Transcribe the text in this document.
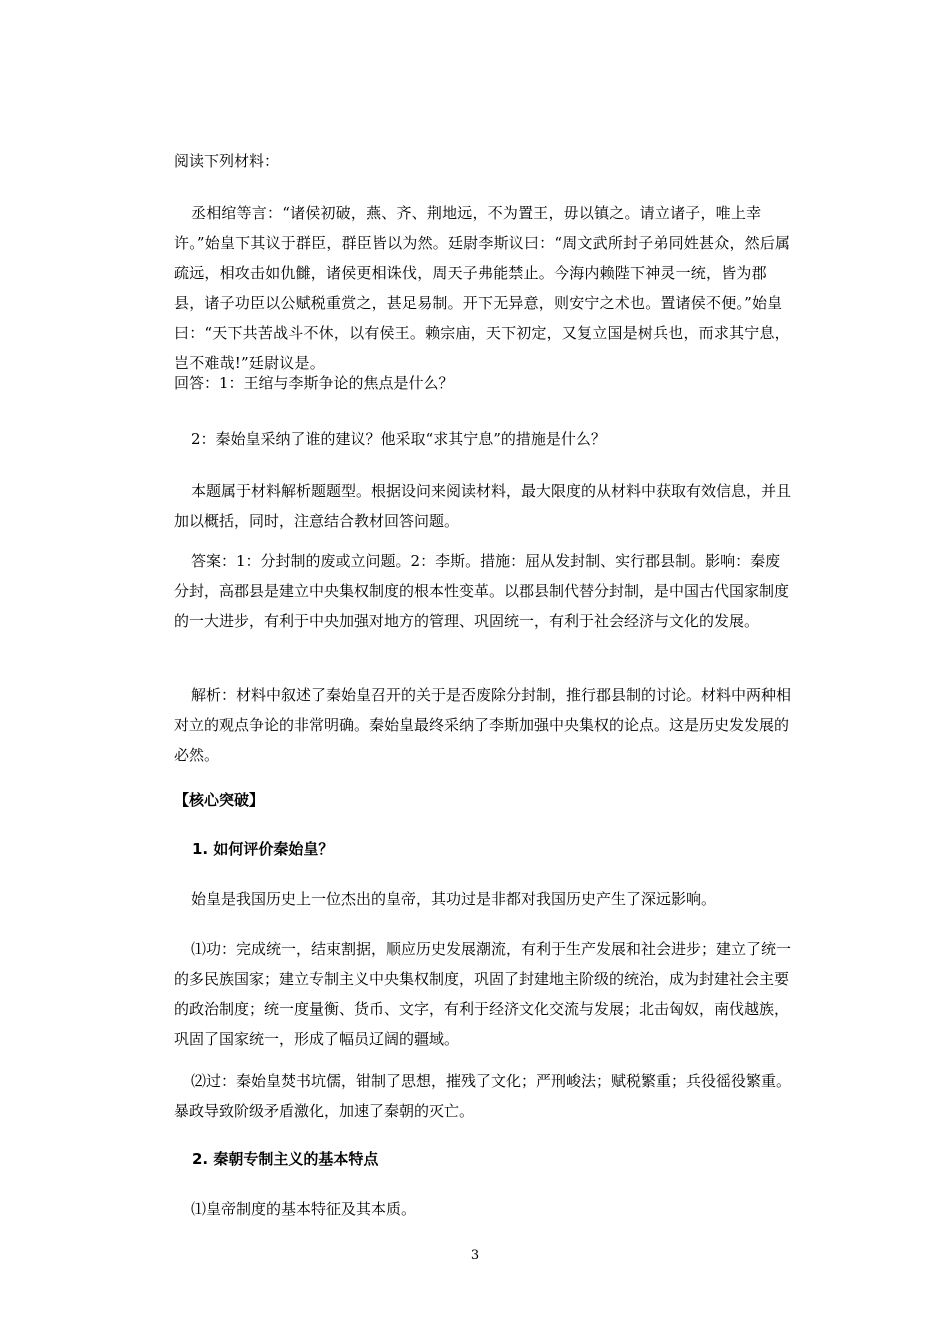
阅读下列材料：
丞相绾等言：“诸侯初破，燕、齐、荆地远，不为置王，毋以镇之。请立诸子，唯上幸许。”始皇下其议于群臣，群臣皆以为然。廷尉李斯议曰：“周文武所封子弟同姓甚众，然后属疏远，相攻击如仇雠，诸侯更相诛伐，周天子弗能禁止。今海内赖陛下神灵一统，皆为郡县，诸子功臣以公赋税重赏之，甚足易制。开下无异意，则安宁之术也。置诸侯不便。”始皇曰：“天下共苦战斗不休，以有侯王。赖宗庙，天下初定，又复立国是树兵也，而求其宁息，岂不难哉!”廷尉议是。
回答：1：王绾与李斯争论的焦点是什么？
2：秦始皇采纳了谁的建议？他采取“求其宁息”的措施是什么？
本题属于材料解析题题型。根据设问来阅读材料，最大限度的从材料中获取有效信息，并且加以概括，同时，注意结合教材回答问题。
答案：1：分封制的废或立问题。2：李斯。措施：屈从发封制、实行郡县制。影响：秦废分封，高郡县是建立中央集权制度的根本性变革。以郡县制代替分封制，是中国古代国家制度的一大进步，有利于中央加强对地方的管理、巩固统一，有利于社会经济与文化的发展。
解析：材料中叙述了秦始皇召开的关于是否废除分封制，推行郡县制的讨论。材料中两种相对立的观点争论的非常明确。秦始皇最终采纳了李斯加强中央集权的论点。这是历史发发展的必然。
【核心突破】
1. 如何评价秦始皇？
始皇是我国历史上一位杰出的皇帝，其功过是非都对我国历史产生了深远影响。
⑴功：完成统一，结束割据，顺应历史发展潮流，有利于生产发展和社会进步；建立了统一的多民族国家；建立专制主义中央集权制度，巩固了封建地主阶级的统治，成为封建社会主要的政治制度；统一度量衡、货币、文字，有利于经济文化交流与发展；北击匈奴，南伐越族，巩固了国家统一，形成了幅员辽阔的疆域。
⑵过：秦始皇焚书坑儒，钳制了思想，摧残了文化；严刑峻法；赋税繁重；兵役徭役繁重。暴政导致阶级矛盾激化，加速了秦朝的灭亡。
2. 秦朝专制主义的基本特点
⑴皇帝制度的基本特征及其本质。
3
